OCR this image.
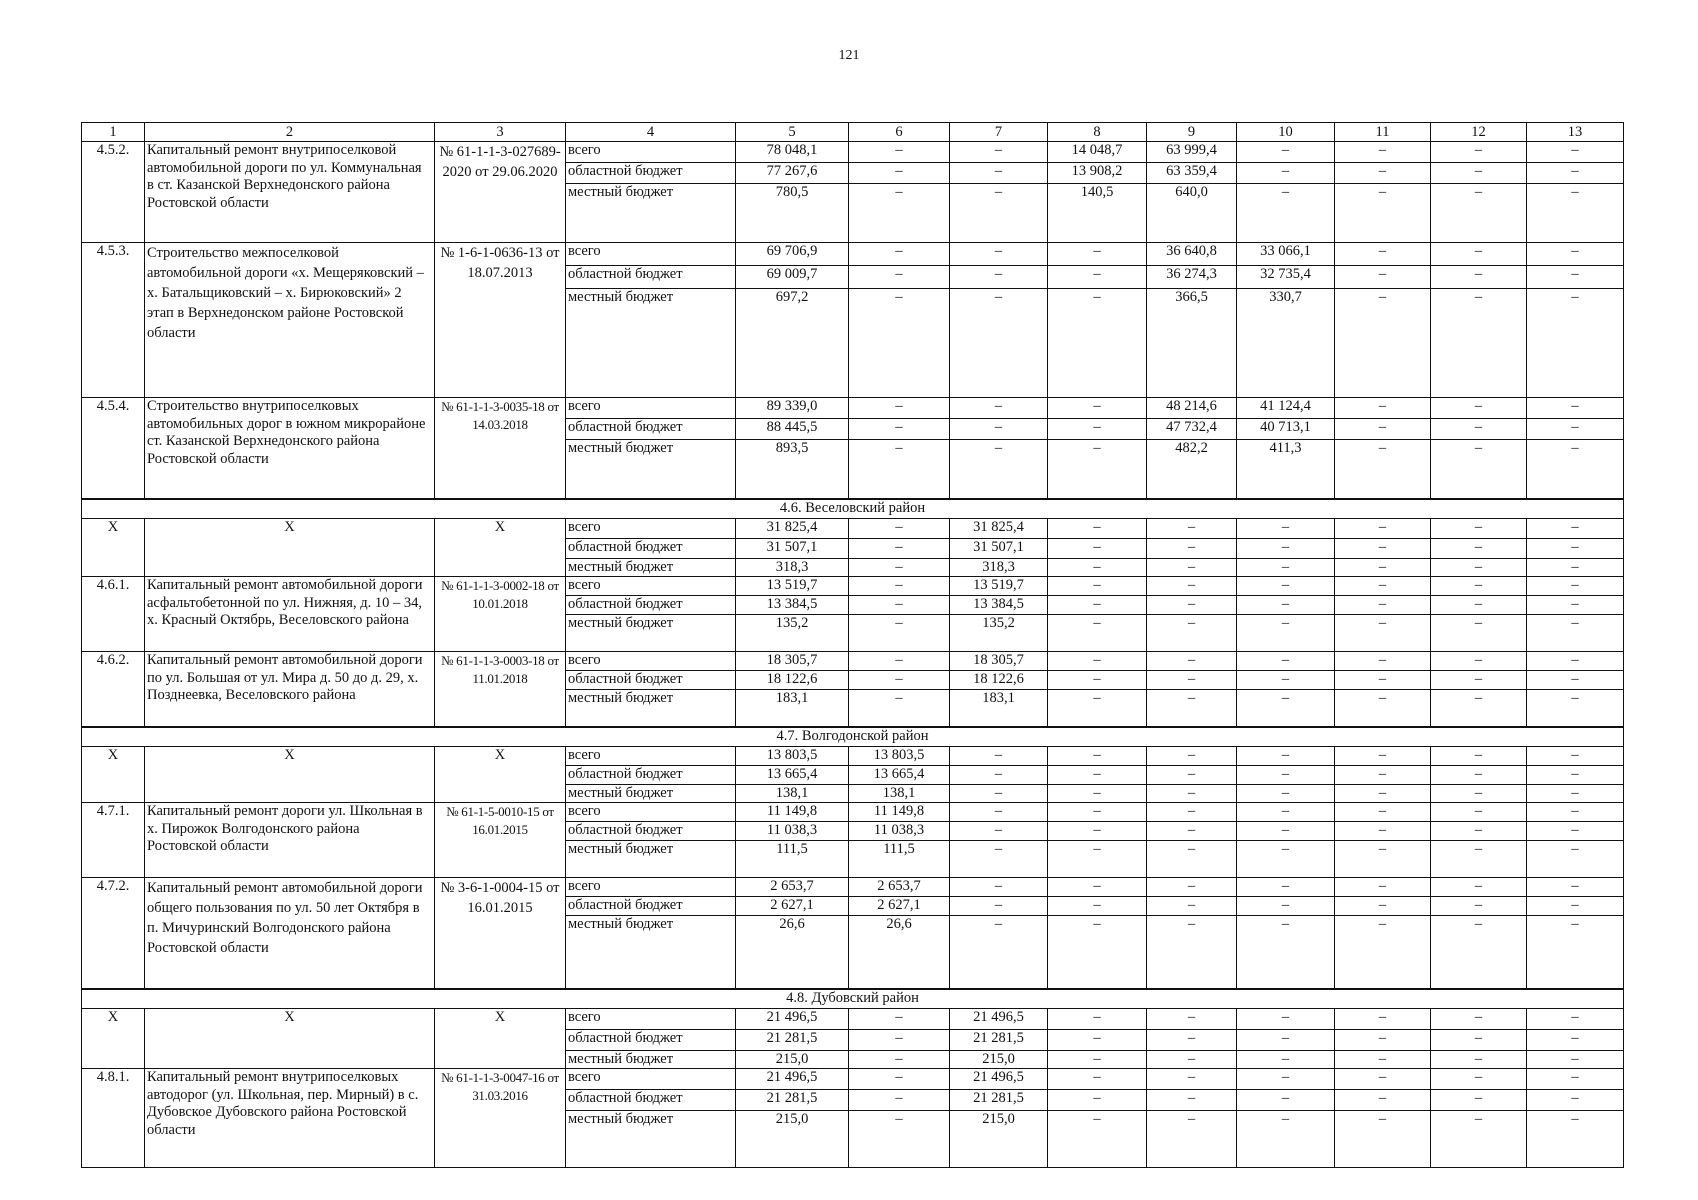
121
1	2	3	4	5	6	7	8	9	10	11	12	13
4.5.2.	Капитальный ремонт внутрипоселковой автомобильной дороги по ул. Коммунальная в ст. Казанской Верхнедонского района Ростовской области	№ 61-1-1-3-027689-2020 от 29.06.2020	всего	78 048,1	–	–	14 048,7	63 999,4	–	–	–	–
			областной бюджет	77 267,6	–	–	13 908,2	63 359,4	–	–	–	–
			местный бюджет	780,5	–	–	140,5	640,0	–	–	–	–
4.5.3.	Строительство межпоселковой автомобильной дороги «х. Мещеряковский – х. Батальщиковский – х. Бирюковский» 2 этап в Верхнедонском районе Ростовской области	№ 1-6-1-0636-13 от 18.07.2013	всего	69 706,9	–	–	–	36 640,8	33 066,1	–	–	–
			областной бюджет	69 009,7	–	–	–	36 274,3	32 735,4	–	–	–
			местный бюджет	697,2	–	–	–	366,5	330,7	–	–	–
4.5.4.	Строительство внутрипоселковых автомобильных дорог в южном микрорайоне ст. Казанской Верхнедонского района Ростовской области	№ 61-1-1-3-0035-18 от 14.03.2018	всего	89 339,0	–	–	–	48 214,6	41 124,4	–	–	–
			областной бюджет	88 445,5	–	–	–	47 732,4	40 713,1	–	–	–
			местный бюджет	893,5	–	–	–	482,2	411,3	–	–	–
4.6. Веселовский район												
Х	Х	Х	всего	31 825,4	–	31 825,4	–	–	–	–	–	–
			областной бюджет	31 507,1	–	31 507,1	–	–	–	–	–	–
			местный бюджет	318,3	–	318,3	–	–	–	–	–	–
4.6.1.	Капитальный ремонт автомобильной дороги асфальтобетонной по ул. Нижняя, д. 10 – 34, х. Красный Октябрь, Веселовского района	№ 61-1-1-3-0002-18 от 10.01.2018	всего	13 519,7	–	13 519,7	–	–	–	–	–	–
			областной бюджет	13 384,5	–	13 384,5	–	–	–	–	–	–
			местный бюджет	135,2	–	135,2	–	–	–	–	–	–
4.6.2.	Капитальный ремонт автомобильной дороги по ул. Большая от ул. Мира д. 50 до д. 29, х. Позднеевка, Веселовского района	№ 61-1-1-3-0003-18 от 11.01.2018	всего	18 305,7	–	18 305,7	–	–	–	–	–	–
			областной бюджет	18 122,6	–	18 122,6	–	–	–	–	–	–
			местный бюджет	183,1	–	183,1	–	–	–	–	–	–
4.7. Волгодонской район												
Х	Х	Х	всего	13 803,5	13 803,5	–	–	–	–	–	–	–
			областной бюджет	13 665,4	13 665,4	–	–	–	–	–	–	–
			местный бюджет	138,1	138,1	–	–	–	–	–	–	–
4.7.1.	Капитальный ремонт дороги ул. Школьная в х. Пирожок Волгодонского района Ростовской области	№ 61-1-5-0010-15 от 16.01.2015	всего	11 149,8	11 149,8	–	–	–	–	–	–	–
			областной бюджет	11 038,3	11 038,3	–	–	–	–	–	–	–
			местный бюджет	111,5	111,5	–	–	–	–	–	–	–
4.7.2.	Капитальный ремонт автомобильной дороги общего пользования по ул. 50 лет Октября в п. Мичуринский Волгодонского района Ростовской области	№ 3-6-1-0004-15 от 16.01.2015	всего	2 653,7	2 653,7	–	–	–	–	–	–	–
			областной бюджет	2 627,1	2 627,1	–	–	–	–	–	–	–
			местный бюджет	26,6	26,6	–	–	–	–	–	–	–
4.8. Дубовский район												
Х	Х	Х	всего	21 496,5	–	21 496,5	–	–	–	–	–	–
			областной бюджет	21 281,5	–	21 281,5	–	–	–	–	–	–
			местный бюджет	215,0	–	215,0	–	–	–	–	–	–
4.8.1.	Капитальный ремонт внутрипоселковых автодорог (ул. Школьная, пер. Мирный) в с. Дубовское Дубовского района Ростовской области	№ 61-1-1-3-0047-16 от 31.03.2016	всего	21 496,5	–	21 496,5	–	–	–	–	–	–
			областной бюджет	21 281,5	–	21 281,5	–	–	–	–	–	–
			местный бюджет	215,0	–	215,0	–	–	–	–	–	–
